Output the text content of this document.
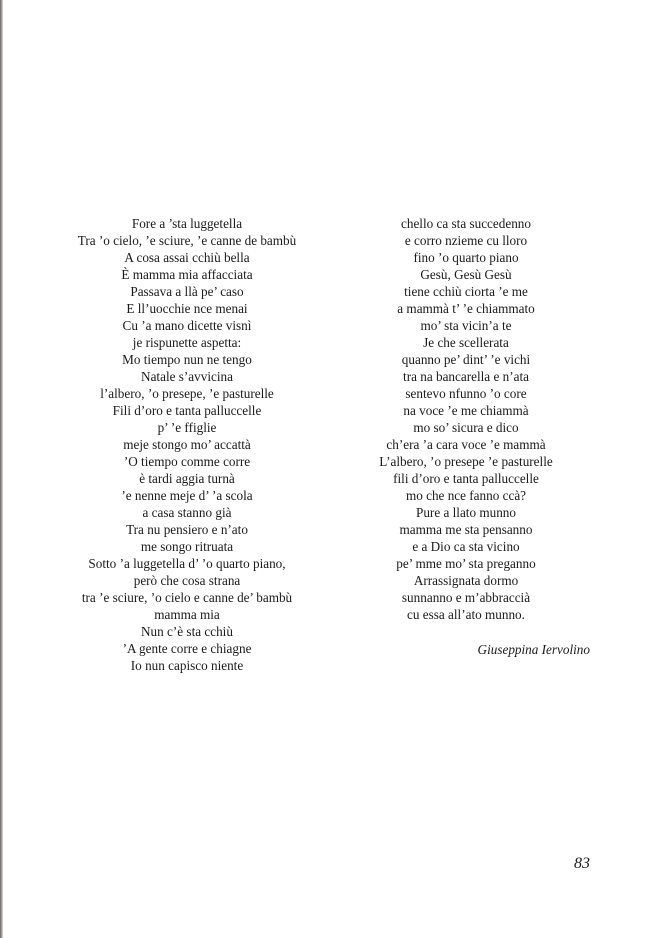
Fore a ’sta luggetella
Tra ’o cielo, ’e sciure, ’e canne de bambù
A cosa assai cchiù bella
È mamma mia affacciata
Passava a llà pe’ caso
E ll’uocchie nce menai
Cu ’a mano dicette visnì
je rispunette aspetta:
Mo tiempo nun ne tengo
Natale s’avvicina
l’albero, ’o presepe, ’e pasturelle
Fili d’oro e tanta palluccelle
p’ ’e ffiglie
meje stongo mo’ accattà
’O tiempo comme corre
è tardi aggia turnà
’e nenne meje d’ ’a scola
a casa stanno già
Tra nu pensiero e n’ato
me songo ritruata
Sotto ’a luggetella d’ ’o quarto piano,
però che cosa strana
tra ’e sciure, ’o cielo e canne de’ bambù
mamma mia
Nun c’è sta cchiù
’A gente corre e chiagne
Io nun capisco niente
chello ca sta succedenno
e corro nzieme cu lloro
fino ’o quarto piano
Gesù, Gesù Gesù
tiene cchiù ciorta ’e me
a mammà t’ ’e chiammato
mo’ sta vicin’a te
Je che scellerata
quanno pe’ dint’ ’e vichi
tra na bancarella e n’ata
sentevo nfunno ’o core
na voce ’e me chiammà
mo so’ sicura e dico
ch’era ’a cara voce ’e mammà
L’albero, ’o presepe ’e pasturelle
fili d’oro e tanta palluccelle
mo che nce fanno ccà?
Pure a llato munno
mamma me sta pensanno
e a Dio ca sta vicino
pe’ mme mo’ sta preganno
Arrassignata dormo
sunnanno e m’abbraccià
cu essa all’ato munno.
Giuseppina Iervolino
83
